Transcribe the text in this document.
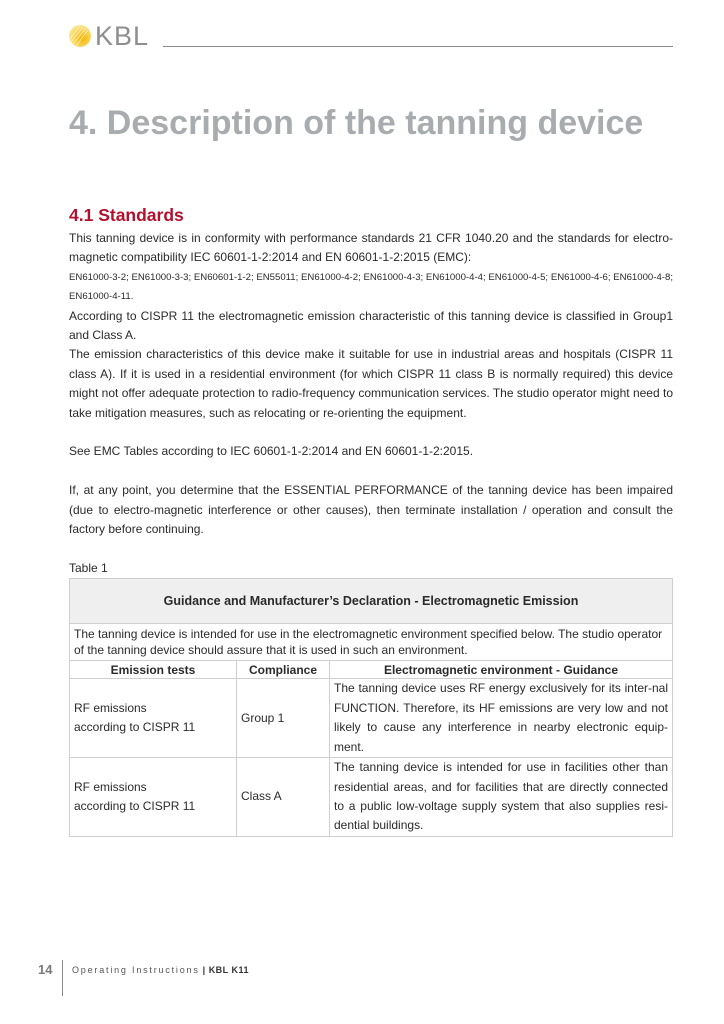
KBL
4. Description of the tanning device
4.1 Standards

This tanning device is in conformity with performance standards 21 CFR 1040.20 and the standards for electro-magnetic compatibility IEC 60601-1-2:2014 and EN 60601-1-2:2015 (EMC):

EN61000-3-2; EN61000-3-3; EN60601-1-2; EN55011; EN61000-4-2; EN61000-4-3; EN61000-4-4; EN61000-4-5; EN61000-4-6; EN61000-4-8; EN61000-4-11.

According to CISPR 11 the electromagnetic emission characteristic of this tanning device is classified in Group1 and Class A.

The emission characteristics of this device make it suitable for use in industrial areas and hospitals (CISPR 11 class A). If it is used in a residential environment (for which CISPR 11 class B is normally required) this device might not offer adequate protection to radio-frequency communication services. The studio operator might need to take mitigation measures, such as relocating or re-orienting the equipment.

See EMC Tables according to IEC 60601-1-2:2014 and EN 60601-1-2:2015.

If, at any point, you determine that the ESSENTIAL PERFORMANCE of the tanning device has been impaired (due to electro-magnetic interference or other causes), then terminate installation / operation and consult the factory before continuing.

Table 1
Guidance and Manufacturer’s Declaration - Electromagnetic Emission		
The tanning device is intended for use in the electromagnetic environment specified below. The studio operator of the tanning device should assure that it is used in such an environment.		
Emission tests	Compliance	Electromagnetic environment - Guidance

RF emissions
according to CISPR 11	Group 1	The tanning device uses RF energy exclusively for its inter-nal FUNCTION. Therefore, its HF emissions are very low and not likely to cause any interference in nearby electronic equip-ment.

RF emissions
according to CISPR 11	Class A	The tanning device is intended for use in facilities other than residential areas, and for facilities that are directly connected to a public low-voltage supply system that also supplies resi-dential buildings.
14	Operating Instructions | KBL K11
